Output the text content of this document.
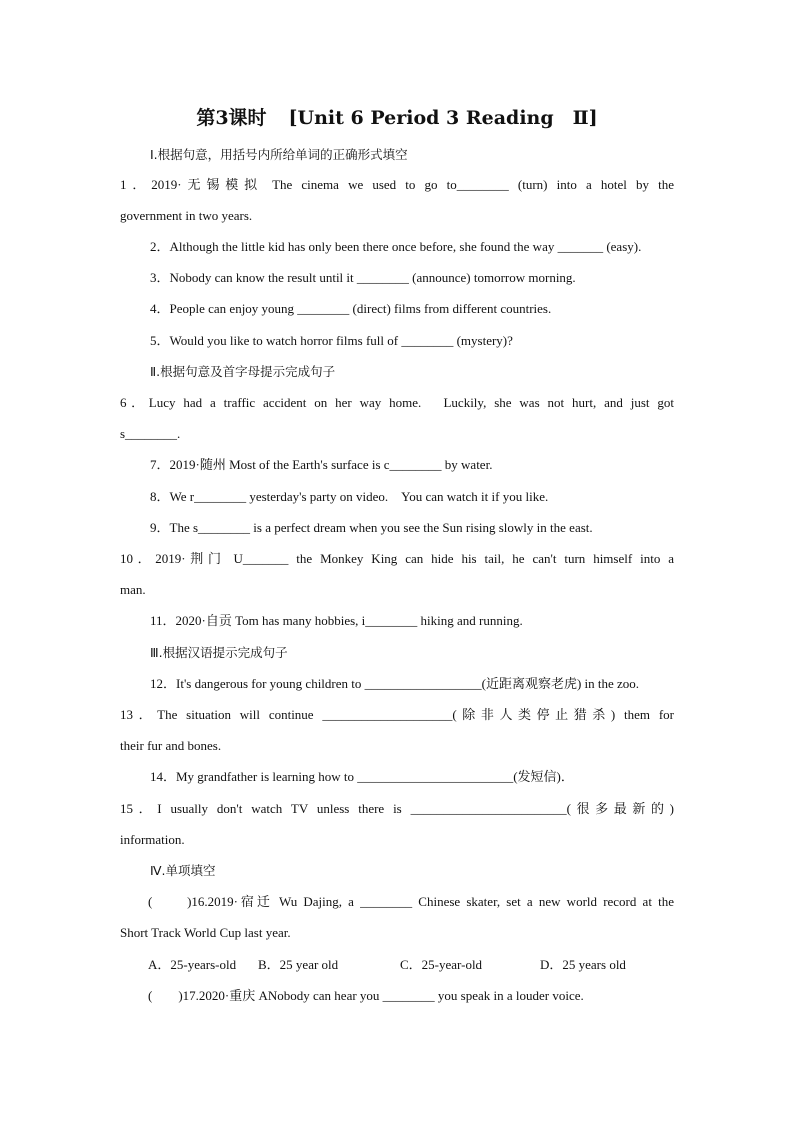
第3课时 [Unit 6 Period 3 Reading　Ⅱ]
Ⅰ.根据句意，用括号内所给单词的正确形式填空
1．2019·无锡模拟 The cinema we used to go to________ (turn) into a hotel by the
government in two years.
2．Although the little kid has only been there once before, she found the way _______ (easy).
3．Nobody can know the result until it ________ (announce) tomorrow morning.
4．People can enjoy young ________ (direct) films from different countries.
5．Would you like to watch horror films full of ________ (mystery)?
Ⅱ.根据句意及首字母提示完成句子
6．Lucy had a traffic accident on her way home.　Luckily, she was not hurt, and just got
s________.
7．2019·随州 Most of the Earth's surface is c________ by water.
8．We r________ yesterday's party on video.　You can watch it if you like.
9．The s________ is a perfect dream when you see the Sun rising slowly in the east.
10．2019·荆门 U_______ the Monkey King can hide his tail, he can't turn himself into a
man.
11．2020·自贡 Tom has many hobbies, i________ hiking and running.
Ⅲ.根据汉语提示完成句子
12．It's dangerous for young children to __________________(近距离观察老虎) in the zoo.
13．The situation will continue ____________________(除非人类停止猎杀) them for
their fur and bones.
14．My grandfather is learning how to ________________________(发短信)．
15．I usually don't watch TV unless there is ________________________(很多最新的)
information.
Ⅳ.单项填空
(　　)16.2019·宿迁 Wu Dajing, a ________ Chinese skater, set a new world record at the
Short Track World Cup last year.
A．25-years-old B．25 year old	C．25-year-old	D．25 years old
(　　)17.2020·重庆 ANobody can hear you ________ you speak in a louder voice.
